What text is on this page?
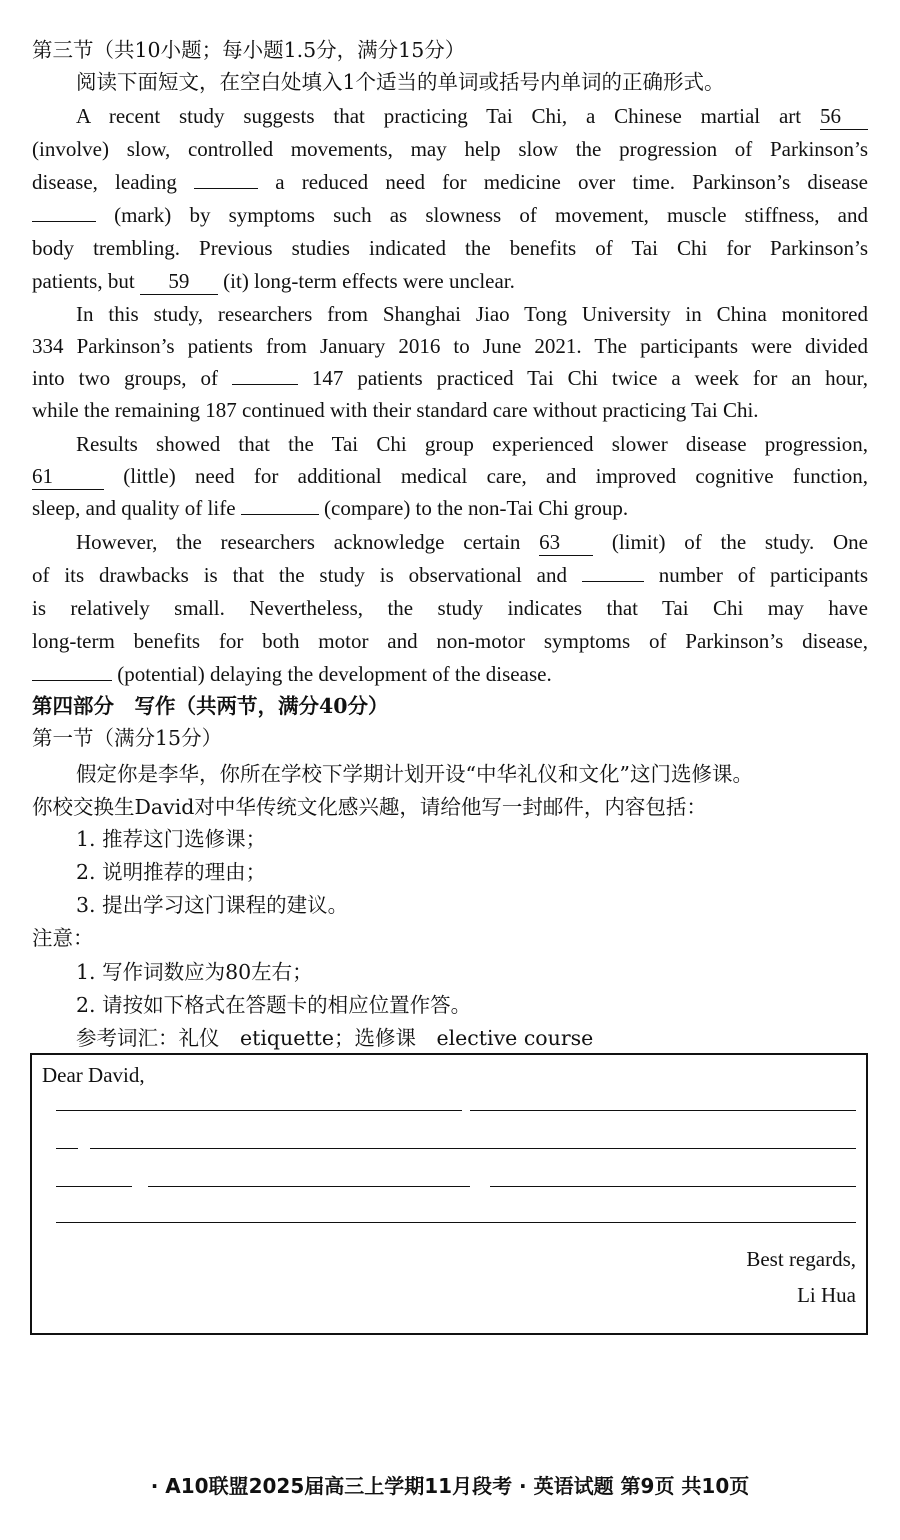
第三节（共10小题；每小题1.5分，满分15分）
阅读下面短文，在空白处填入1个适当的单词或括号内单词的正确形式。
A recent study suggests that practicing Tai Chi, a Chinese martial art 56
(involve) slow, controlled movements, may help slow the progression of Parkinson’s
disease, leading	a reduced need for medicine over time. Parkinson’s disease
(mark) by symptoms such as slowness of movement, muscle stiffness, and
body trembling. Previous studies indicated the benefits of Tai Chi for Parkinson’s
patients, but 59 (it) long-term effects were unclear.
In this study, researchers from Shanghai Jiao Tong University in China monitored
334 Parkinson’s patients from January 2016 to June 2021. The participants were divided
into two groups, of	147 patients practiced Tai Chi twice a week for an hour,
while the remaining 187 continued with their standard care without practicing Tai Chi.
Results showed that the Tai Chi group experienced slower disease progression,
61	(little) need for additional medical care, and improved cognitive function,
sleep, and quality of life	(compare) to the non-Tai Chi group.
However, the researchers acknowledge certain 63 (limit) of the study. One
of its drawbacks is that the study is observational and	number of participants
is relatively small. Nevertheless, the study indicates that Tai Chi may have
long-term benefits for both motor and non-motor symptoms of Parkinson’s disease,
(potential) delaying the development of the disease.
第四部分　写作（共两节，满分40分）
第一节（满分15分）
假定你是李华，你所在学校下学期计划开设“中华礼仪和文化”这门选修课。
你校交换生David对中华传统文化感兴趣，请给他写一封邮件，内容包括：
1. 推荐这门选修课；
2. 说明推荐的理由；
3. 提出学习这门课程的建议。
注意：
1. 写作词数应为80左右；
2. 请按如下格式在答题卡的相应位置作答。
参考词汇：礼仪　etiquette；选修课　elective course
Dear David,
Best regards,
Li Hua
· A10联盟2025届高三上学期11月段考 · 英语试题 第9页 共10页
